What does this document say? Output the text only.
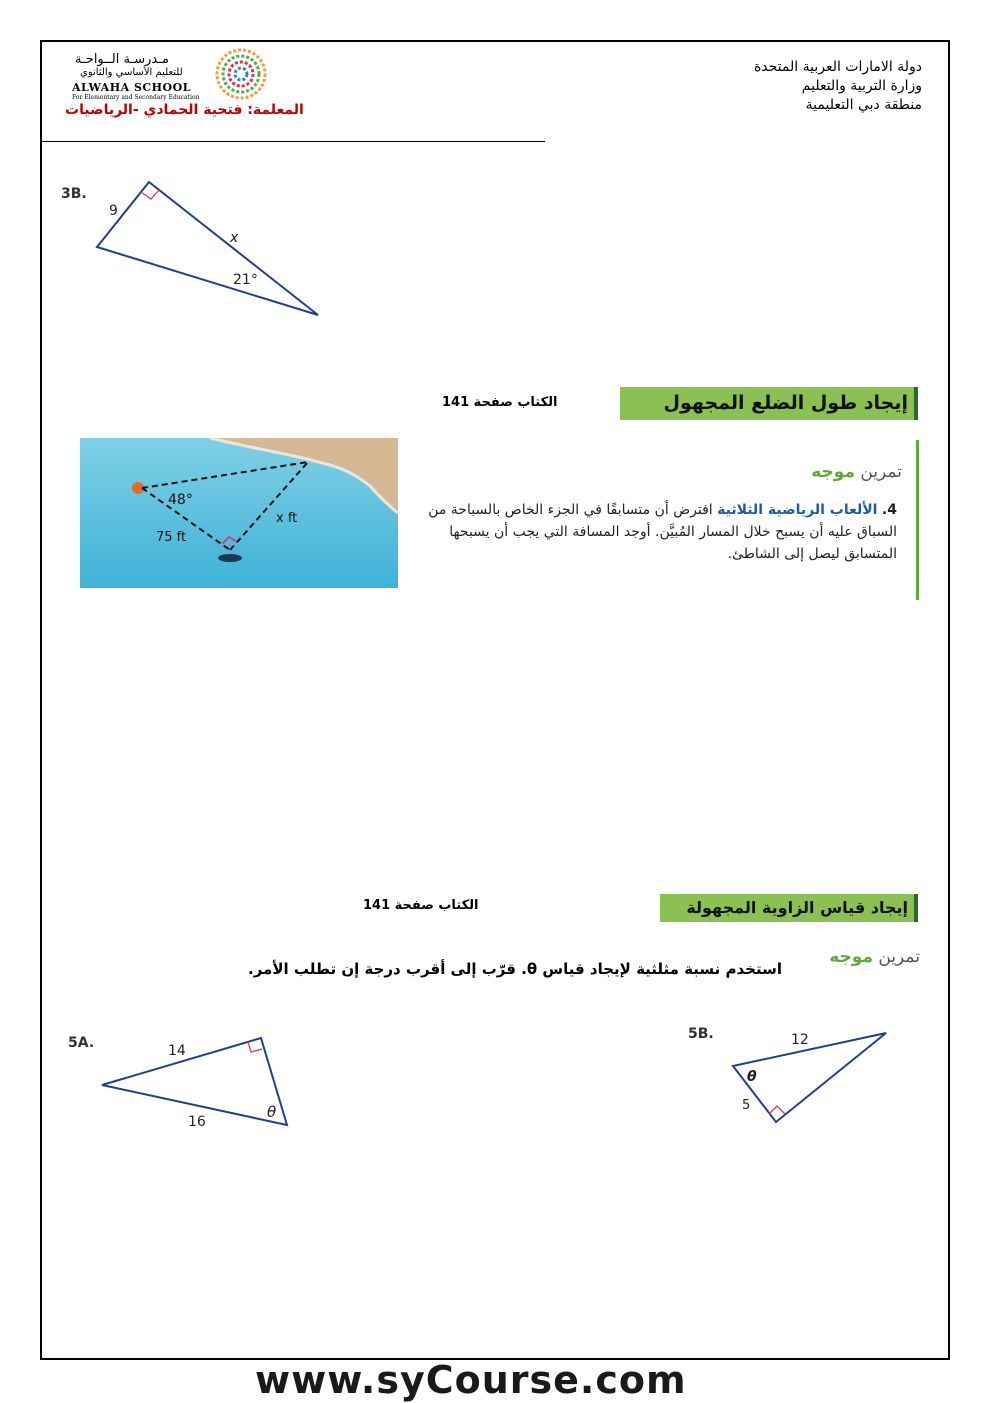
دولة الامارات العربية المتحدة
وزارة التربية والتعليم
منطقة دبي التعليمية
مـدرسـة الــواحـة
للتعليم الأساسي والثانوي
ALWAHA SCHOOL
For Elementary and Secondary Education
المعلمة: فتحية الحمادي -الرياضيات
3B.
9
x
21°
الكتاب صفحة 141	إيجاد طول الضلع المجهول
تمرين موجه
4. الألعاب الرياضية الثلاثية افترض أن متسابقًا في الجزء الخاص بالسباحة من السباق عليه أن يسبح خلال المسار المُبيَّن. أوجد المسافة التي يجب أن يسبحها المتسابق ليصل إلى الشاطئ.
48°
75 ft
x ft
الكتاب صفحة 141	إيجاد قياس الزاوية المجهولة
تمرين موجه
استخدم نسبة مثلثية لإيجاد قياس θ. قرّب إلى أقرب درجة إن تطلب الأمر.
5A.	14
16
θ
5B.	12
5
θ
www.syCourse.com
